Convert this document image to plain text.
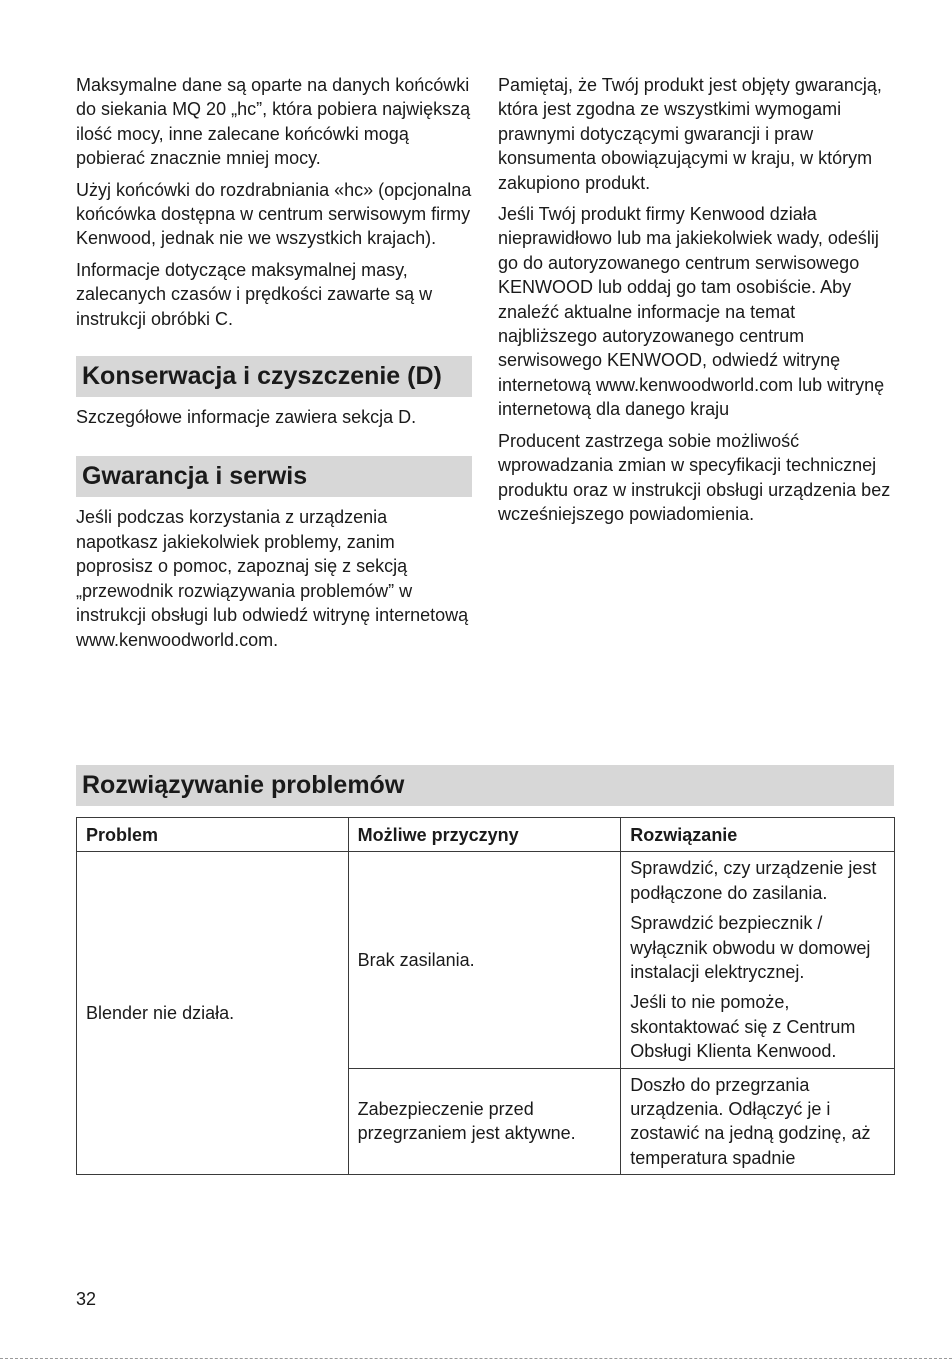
Maksymalne dane są oparte na danych końcówki do siekania MQ 20 „hc”, która pobiera największą ilość mocy, inne zalecane końcówki mogą pobierać znacznie mniej mocy.

Użyj końcówki do rozdrabniania «hc» (opcjonalna końcówka dostępna w centrum serwisowym firmy Kenwood, jednak nie we wszystkich krajach).

Informacje dotyczące maksymalnej masy, zalecanych czasów i prędkości zawarte są w instrukcji obróbki C.

Konserwacja i czyszczenie (D)

Szczegółowe informacje zawiera sekcja D.

Gwarancja i serwis

Jeśli podczas korzystania z urządzenia napotkasz jakiekolwiek problemy, zanim poprosisz o pomoc, zapoznaj się z sekcją „przewodnik rozwiązywania problemów” w instrukcji obsługi lub odwiedź witrynę internetową www.kenwoodworld.com.

Pamiętaj, że Twój produkt jest objęty gwarancją, która jest zgodna ze wszystkimi wymogami prawnymi dotyczącymi gwarancji i praw konsumenta obowiązującymi w kraju, w którym zakupiono produkt.

Jeśli Twój produkt firmy Kenwood działa nieprawidłowo lub ma jakiekolwiek wady, odeślij go do autoryzowanego centrum serwisowego KENWOOD lub oddaj go tam osobiście. Aby znaleźć aktualne informacje na temat najbliższego autoryzowanego centrum serwisowego KENWOOD, odwiedź witrynę internetową www.kenwoodworld.com lub witrynę internetową dla danego kraju

Producent zastrzega sobie możliwość wprowadzania zmian w specyfikacji technicznej produktu oraz w instrukcji obsługi urządzenia bez wcześniejszego powiadomienia.

Rozwiązywanie problemów
Problem	Możliwe przyczyny	Rozwiązanie
Blender nie działa.	Brak zasilania.	Sprawdzić, czy urządzenie jest podłączone do zasilania.

Sprawdzić bezpiecznik / wyłącznik obwodu w domowej instalacji elektrycznej.

Jeśli to nie pomoże, skontaktować się z Centrum Obsługi Klienta Kenwood.

	Zabezpieczenie przed przegrzaniem jest aktywne.	Doszło do przegrzania urządzenia. Odłączyć je i zostawić na jedną godzinę, aż temperatura spadnie
32
